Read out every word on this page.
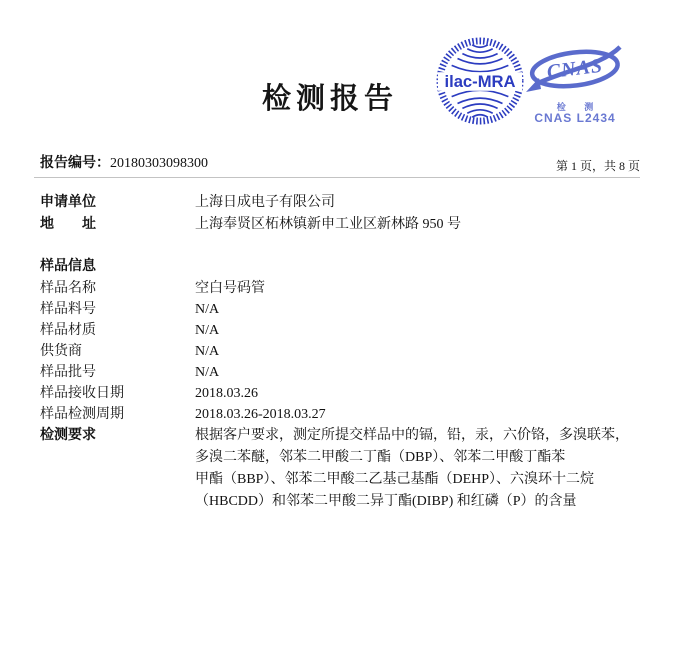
检测报告
ilac-MRA CNAS
检 测
CNAS L2434
报告编号：20180303098300	第 1 页，共 8 页
申请单位	上海日成电子有限公司
地　　址	上海奉贤区柘林镇新申工业区新林路 950 号
样品信息
样品名称	空白号码管
样品料号	N/A
样品材质	N/A
供货商	N/A
样品批号	N/A
样品接收日期	2018.03.26
样品检测周期	2018.03.26-2018.03.27
检测要求	根据客户要求，测定所提交样品中的镉，铅，汞，六价铬，多溴联苯，
多溴二苯醚，邻苯二甲酸二丁酯（DBP）、邻苯二甲酸丁酯苯
甲酯（BBP）、邻苯二甲酸二乙基己基酯（DEHP）、六溴环十二烷
（HBCDD）和邻苯二甲酸二异丁酯(DIBP) 和红磷（P）的含量
